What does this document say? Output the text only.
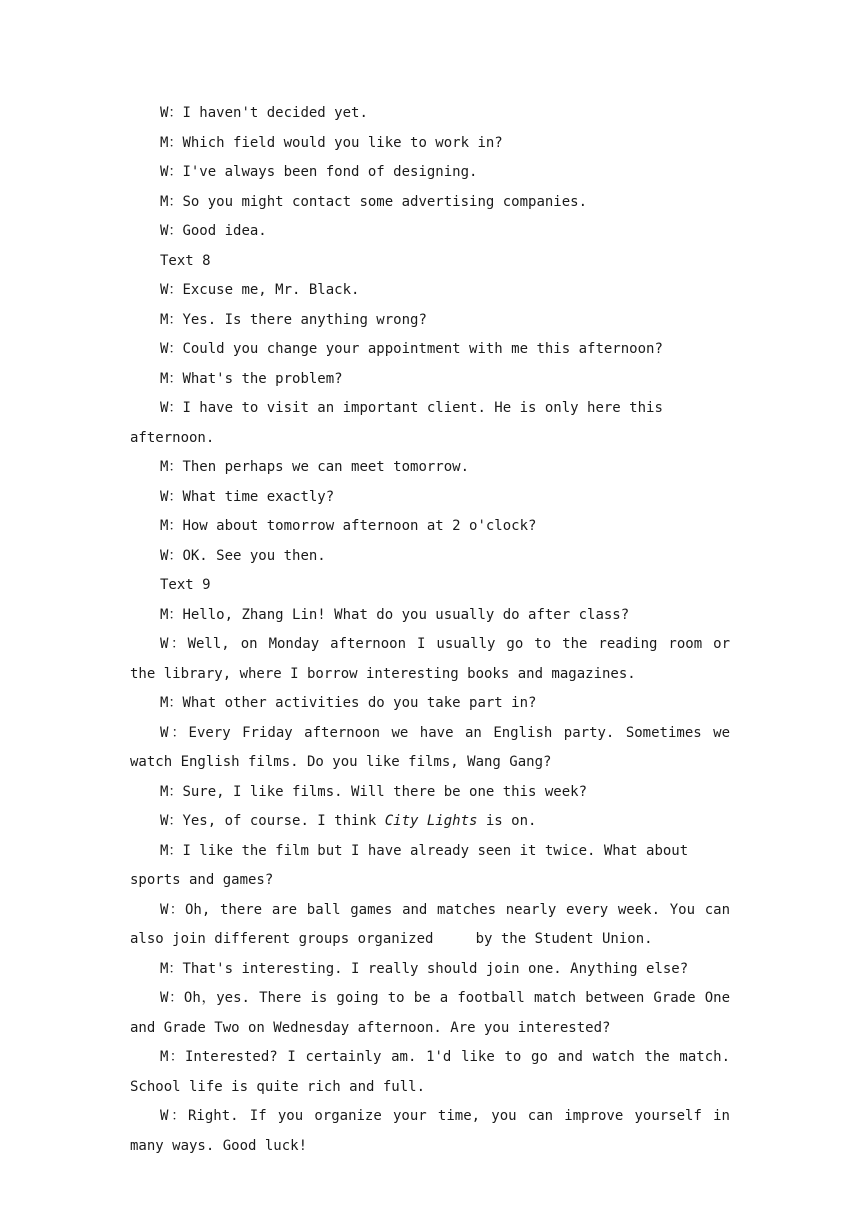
W：I haven't decided yet.

M：Which field would you like to work in?

W：I've always been fond of designing.

M：So you might contact some advertising companies.

W：Good idea.

Text 8

W：Excuse me, Mr. Black.

M：Yes. Is there anything wrong?

W：Could you change your appointment with me this afternoon?

M：What's the problem?

W：I have to visit an important client. He is only here this afternoon.

M：Then perhaps we can meet tomorrow.

W：What time exactly?

M：How about tomorrow afternoon at 2 o'clock?

W：OK. See you then.

Text 9

M：Hello, Zhang Lin! What do you usually do after class?

W：Well, on Monday afternoon I usually go to the reading room or the library, where I borrow interesting books and magazines.

M：What other activities do you take part in?

W：Every Friday afternoon we have an English party. Sometimes we watch English films. Do you like films, Wang Gang?

M：Sure, I like films. Will there be one this week?

W：Yes, of course. I think City Lights is on.

M：I like the film but I have already seen it twice. What about sports and games?

W：Oh, there are ball games and matches nearly every week. You can also join different groups organized     by the Student Union.

M：That's interesting. I really should join one. Anything else?

W：Oh，yes. There is going to be a football match between Grade One and Grade Two on Wednesday afternoon. Are you interested?

M：Interested? I certainly am. 1'd like to go and watch the match. School life is quite rich and full.

W：Right. If you organize your time, you can improve yourself in many ways. Good luck!
